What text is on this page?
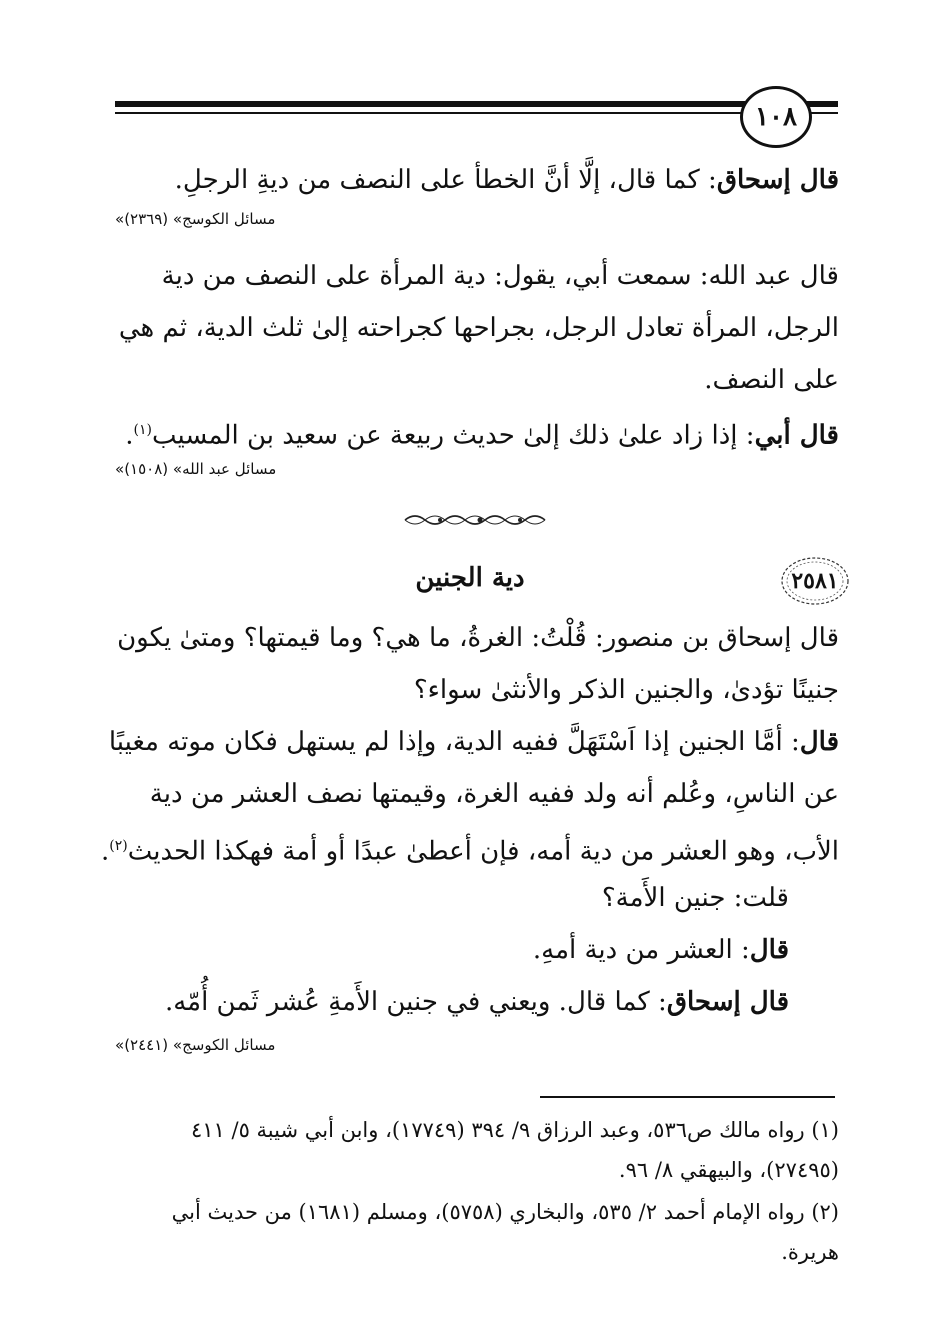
١٠٨
قال إسحاق: كما قال، إلَّا أنَّ الخطأ على النصف من ديةِ الرجلِ.
«مسائل الكوسج» (٢٣٦٩)
قال عبد الله: سمعت أبي، يقول: دية المرأة على النصف من دية الرجل، المرأة تعادل الرجل، بجراحها كجراحته إلىٰ ثلث الدية، ثم هي على النصف.
قال أبي: إذا زاد علىٰ ذلك إلىٰ حديث ربيعة عن سعيد بن المسيب$^{(١)}$.
«مسائل عبد الله» (١٥٠٨)
٢٥٨١
دية الجنين
قال إسحاق بن منصور: قُلْتُ: الغرةُ، ما هي؟ وما قيمتها؟ ومتىٰ يكون جنينًا تؤدىٰ، والجنين الذكر والأنثىٰ سواء؟
قال: أمَّا الجنين إذا اَسْتَهَلَّ ففيه الدية، وإذا لم يستهل فكان موته مغيبًا عن الناسِ، وعُلم أنه ولد ففيه الغرة، وقيمتها نصف العشر من دية الأب، وهو العشر من دية أمه، فإن أعطىٰ عبدًا أو أمة فهكذا الحديث$^{(٢)}$.
قلت: جنين الأَمة؟
قال: العشر من دية أمهِ.
قال إسحاق: كما قال. ويعني في جنين الأَمةِ عُشر ثَمن أُمّه.
«مسائل الكوسج» (٢٤٤١)
(١) رواه مالك ص٥٣٦، وعبد الرزاق ٩/ ٣٩٤ (١٧٧٤٩)، وابن أبي شيبة ٥/ ٤١١ (٢٧٤٩٥)، والبيهقي ٨/ ٩٦.
(٢) رواه الإمام أحمد ٢/ ٥٣٥، والبخاري (٥٧٥٨)، ومسلم (١٦٨١) من حديث أبي هريرة.
